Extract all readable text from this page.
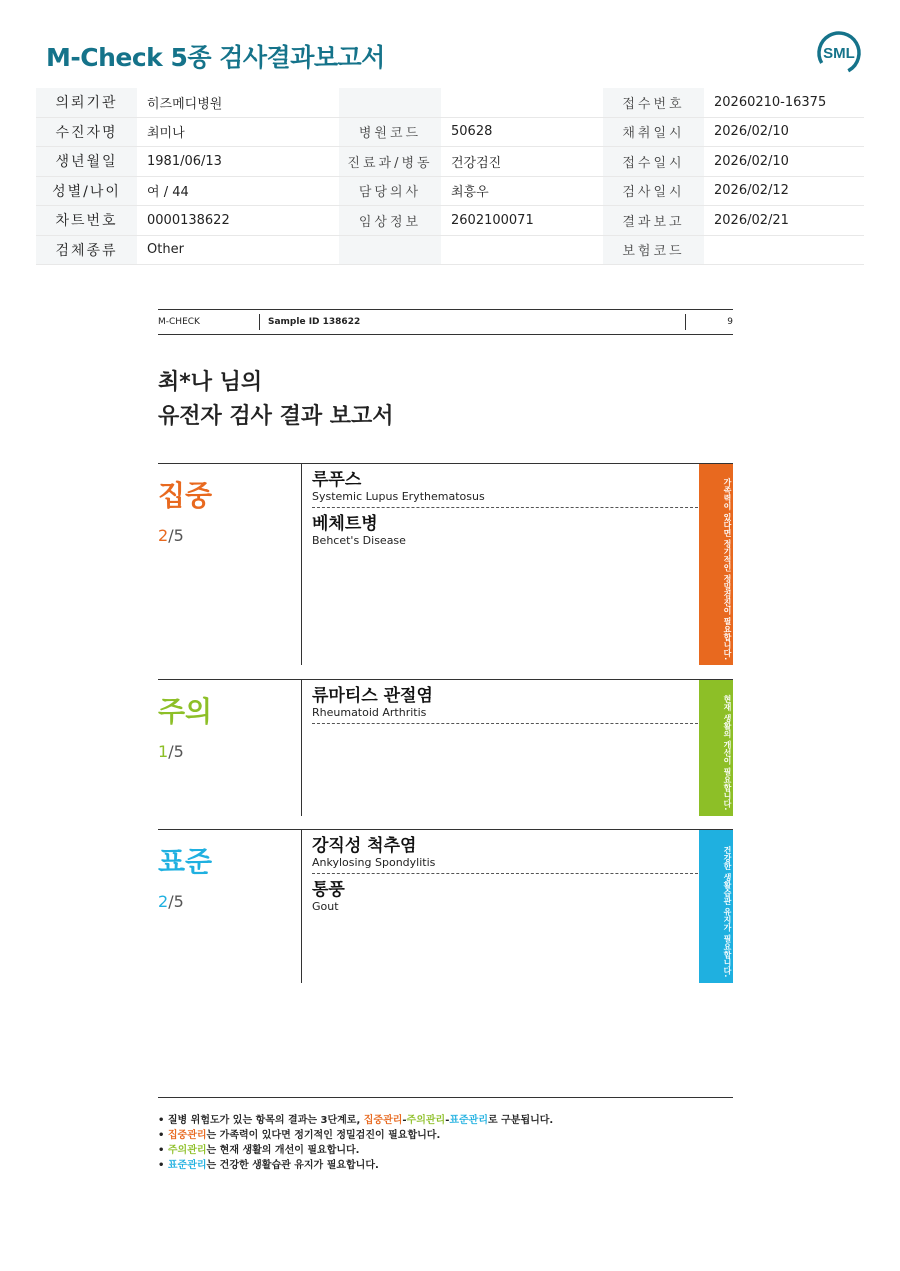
M-Check 5종 검사결과보고서	SML
의뢰기관	히즈메디병원			접수번호	20260210-16375
수진자명	최미나	병원코드	50628	채취일시	2026/02/10
생년월일	1981/06/13	진료과/병동	건강검진	접수일시	2026/02/10
성별/나이	여 / 44	담당의사	최흥우	검사일시	2026/02/12
차트번호	0000138622	임상정보	2602100071	결과보고	2026/02/21
검체종류	Other			보험코드	
M-CHECK	Sample ID 138622	9
최*나 님의
유전자 검사 결과 보고서
집중
2/5
루푸스
Systemic Lupus Erythematosus
베체트병
Behcet's Disease	가족력이 있다면 정기적인 정밀검진이 필요합니다.
주의
1/5
류마티스 관절염
Rheumatoid Arthritis	현재 생활의 개선이 필요합니다.
표준
2/5
강직성 척추염
Ankylosing Spondylitis
통풍
Gout	건강한 생활습관 유지가 필요합니다.
• 질병 위험도가 있는 항목의 결과는 3단계로, 집중관리-주의관리-표준관리로 구분됩니다.
• 집중관리는 가족력이 있다면 정기적인 정밀검진이 필요합니다.
• 주의관리는 현재 생활의 개선이 필요합니다.
• 표준관리는 건강한 생활습관 유지가 필요합니다.
